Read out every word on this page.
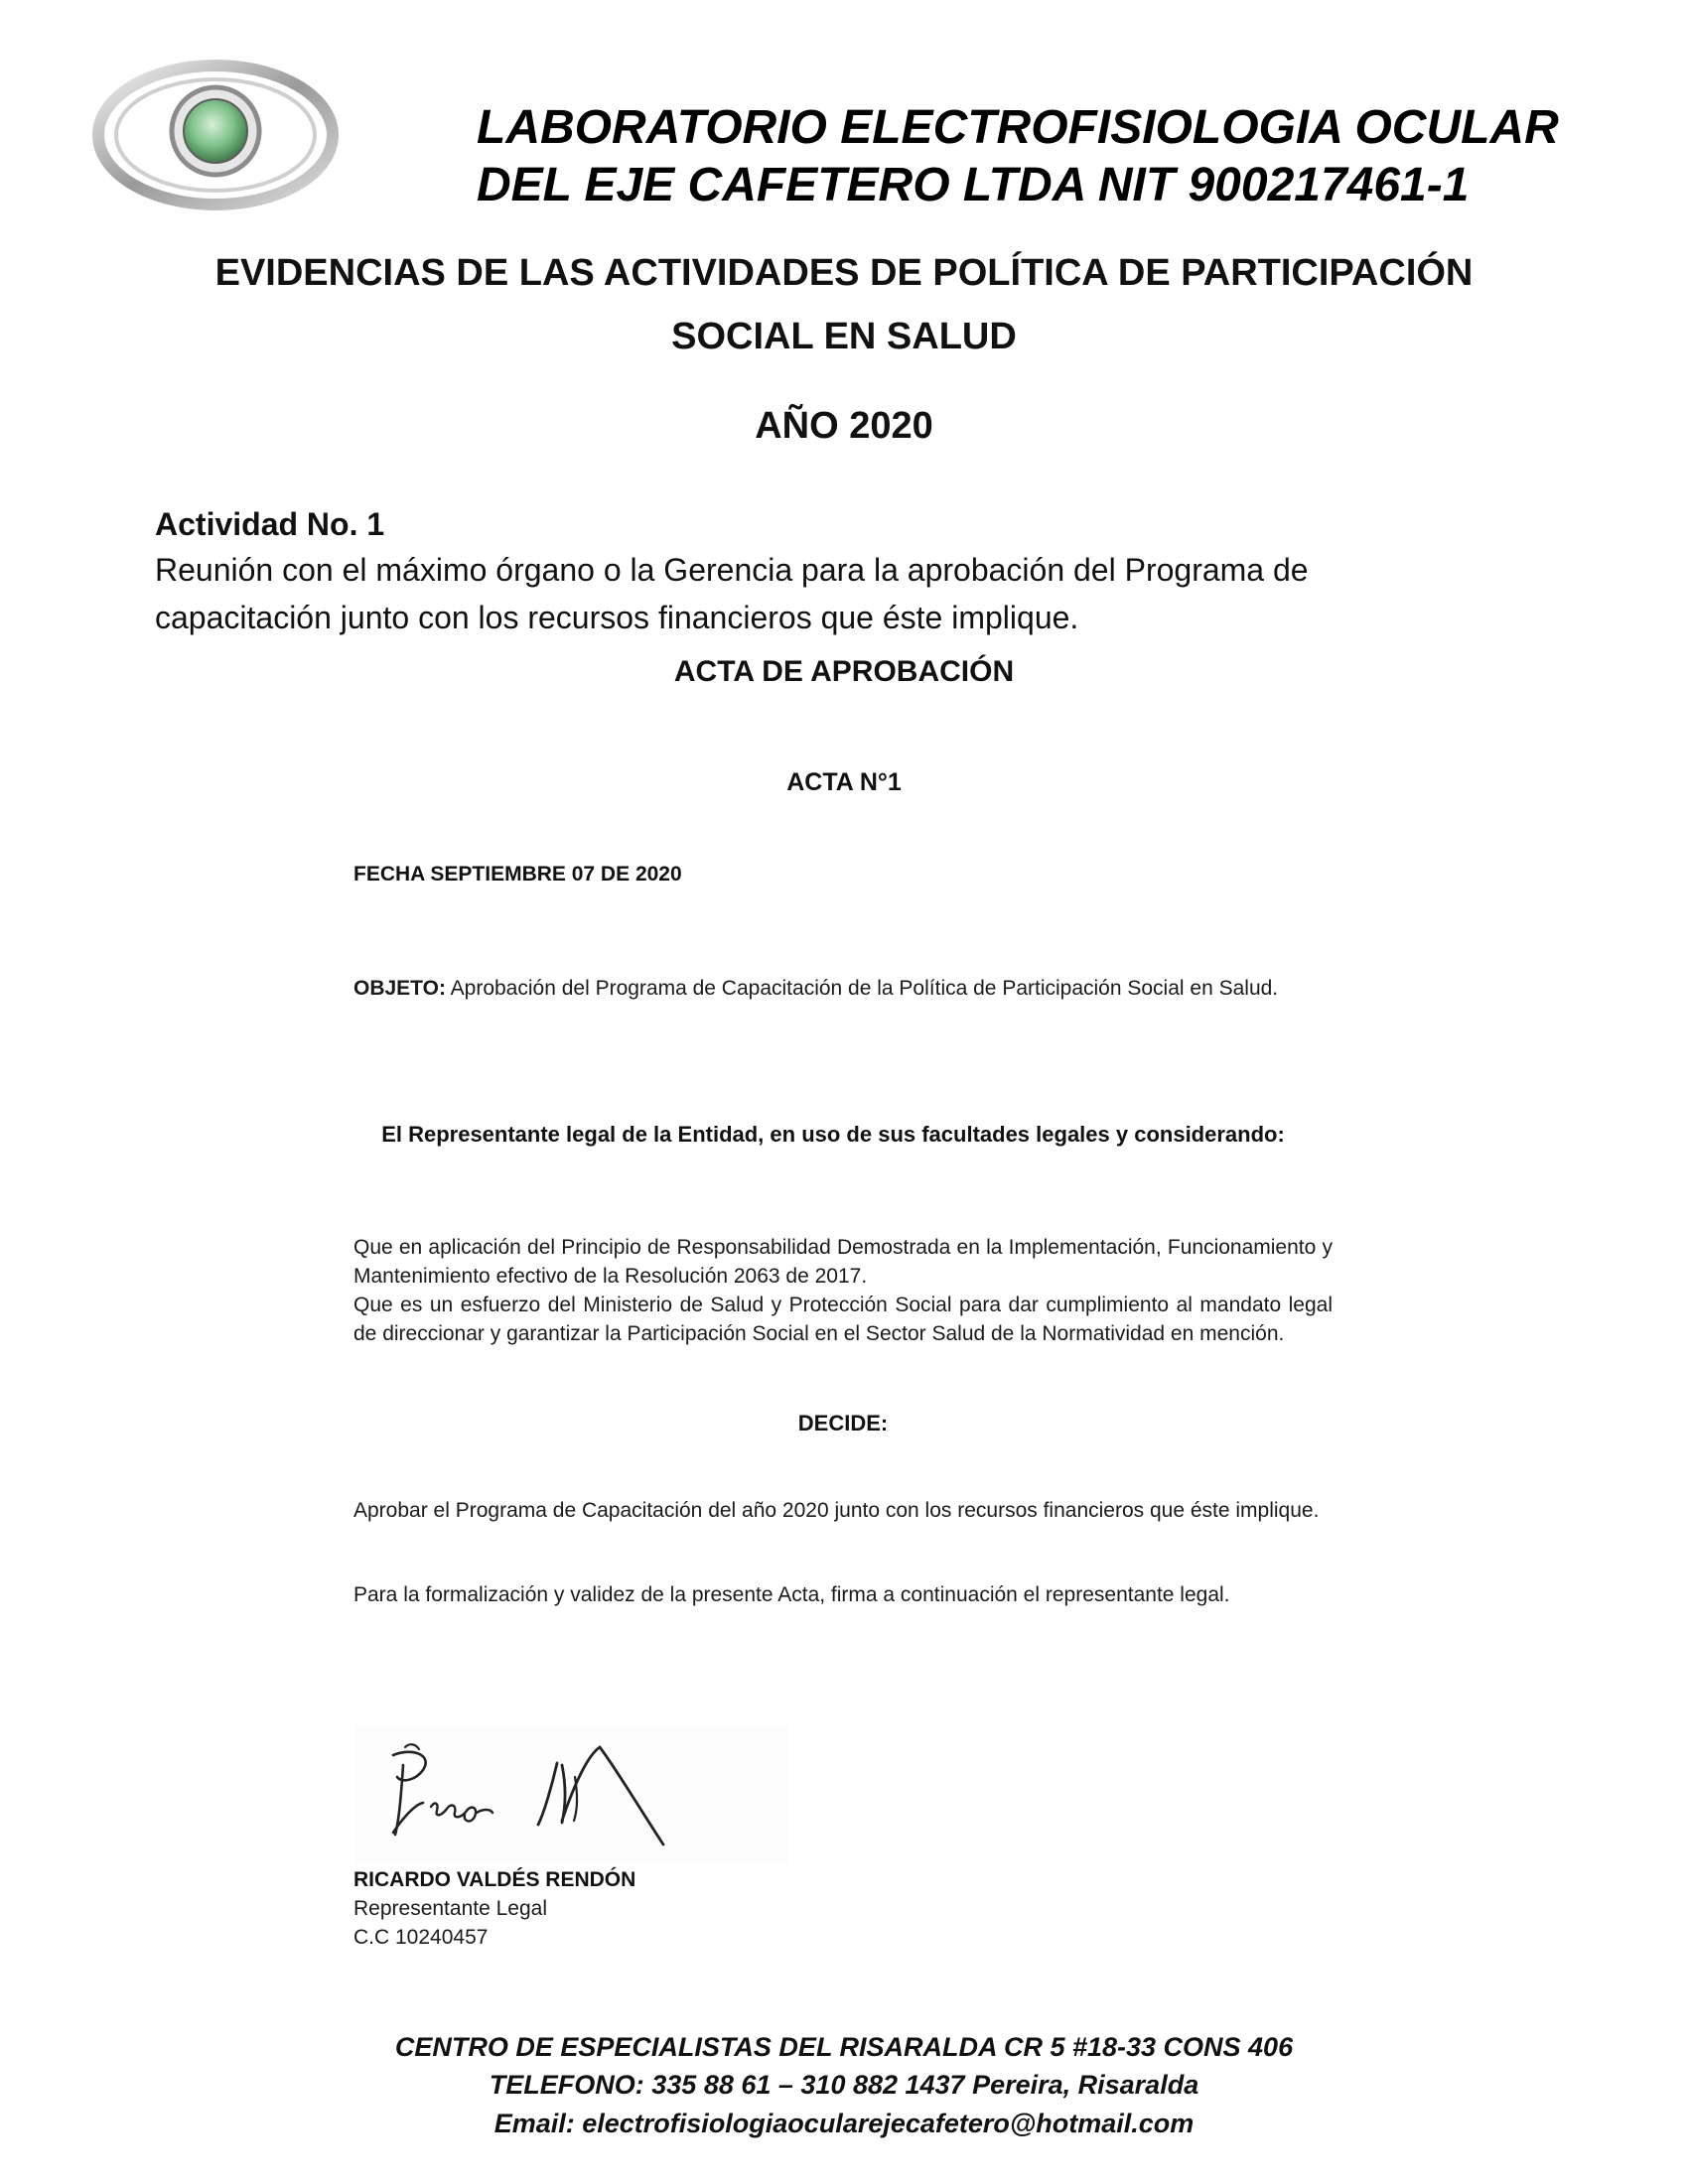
LABORATORIO ELECTROFISIOLOGIA OCULAR
DEL EJE CAFETERO LTDA NIT 900217461-1
EVIDENCIAS DE LAS ACTIVIDADES DE POLÍTICA DE PARTICIPACIÓN
SOCIAL EN SALUD
AÑO 2020
Actividad No. 1
Reunión con el máximo órgano o la Gerencia para la aprobación del Programa de capacitación junto con los recursos financieros que éste implique.
ACTA DE APROBACIÓN
ACTA N°1
FECHA SEPTIEMBRE 07 DE 2020
OBJETO: Aprobación del Programa de Capacitación de la Política de Participación Social en Salud.
El Representante legal de la Entidad, en uso de sus facultades legales y considerando:
Que en aplicación del Principio de Responsabilidad Demostrada en la Implementación, Funcionamiento y Mantenimiento efectivo de la Resolución 2063 de 2017.
Que es un esfuerzo del Ministerio de Salud y Protección Social para dar cumplimiento al mandato legal de direccionar y garantizar la Participación Social en el Sector Salud de la Normatividad en mención.
DECIDE:
Aprobar el Programa de Capacitación del año 2020 junto con los recursos financieros que éste implique.
Para la formalización y validez de la presente Acta, firma a continuación el representante legal.
RICARDO VALDÉS RENDÓN
Representante Legal
C.C 10240457
CENTRO DE ESPECIALISTAS DEL RISARALDA CR 5 #18-33 CONS 406
TELEFONO: 335 88 61 – 310 882 1437 Pereira, Risaralda
Email: electrofisiologiaocularejecafetero@hotmail.com
